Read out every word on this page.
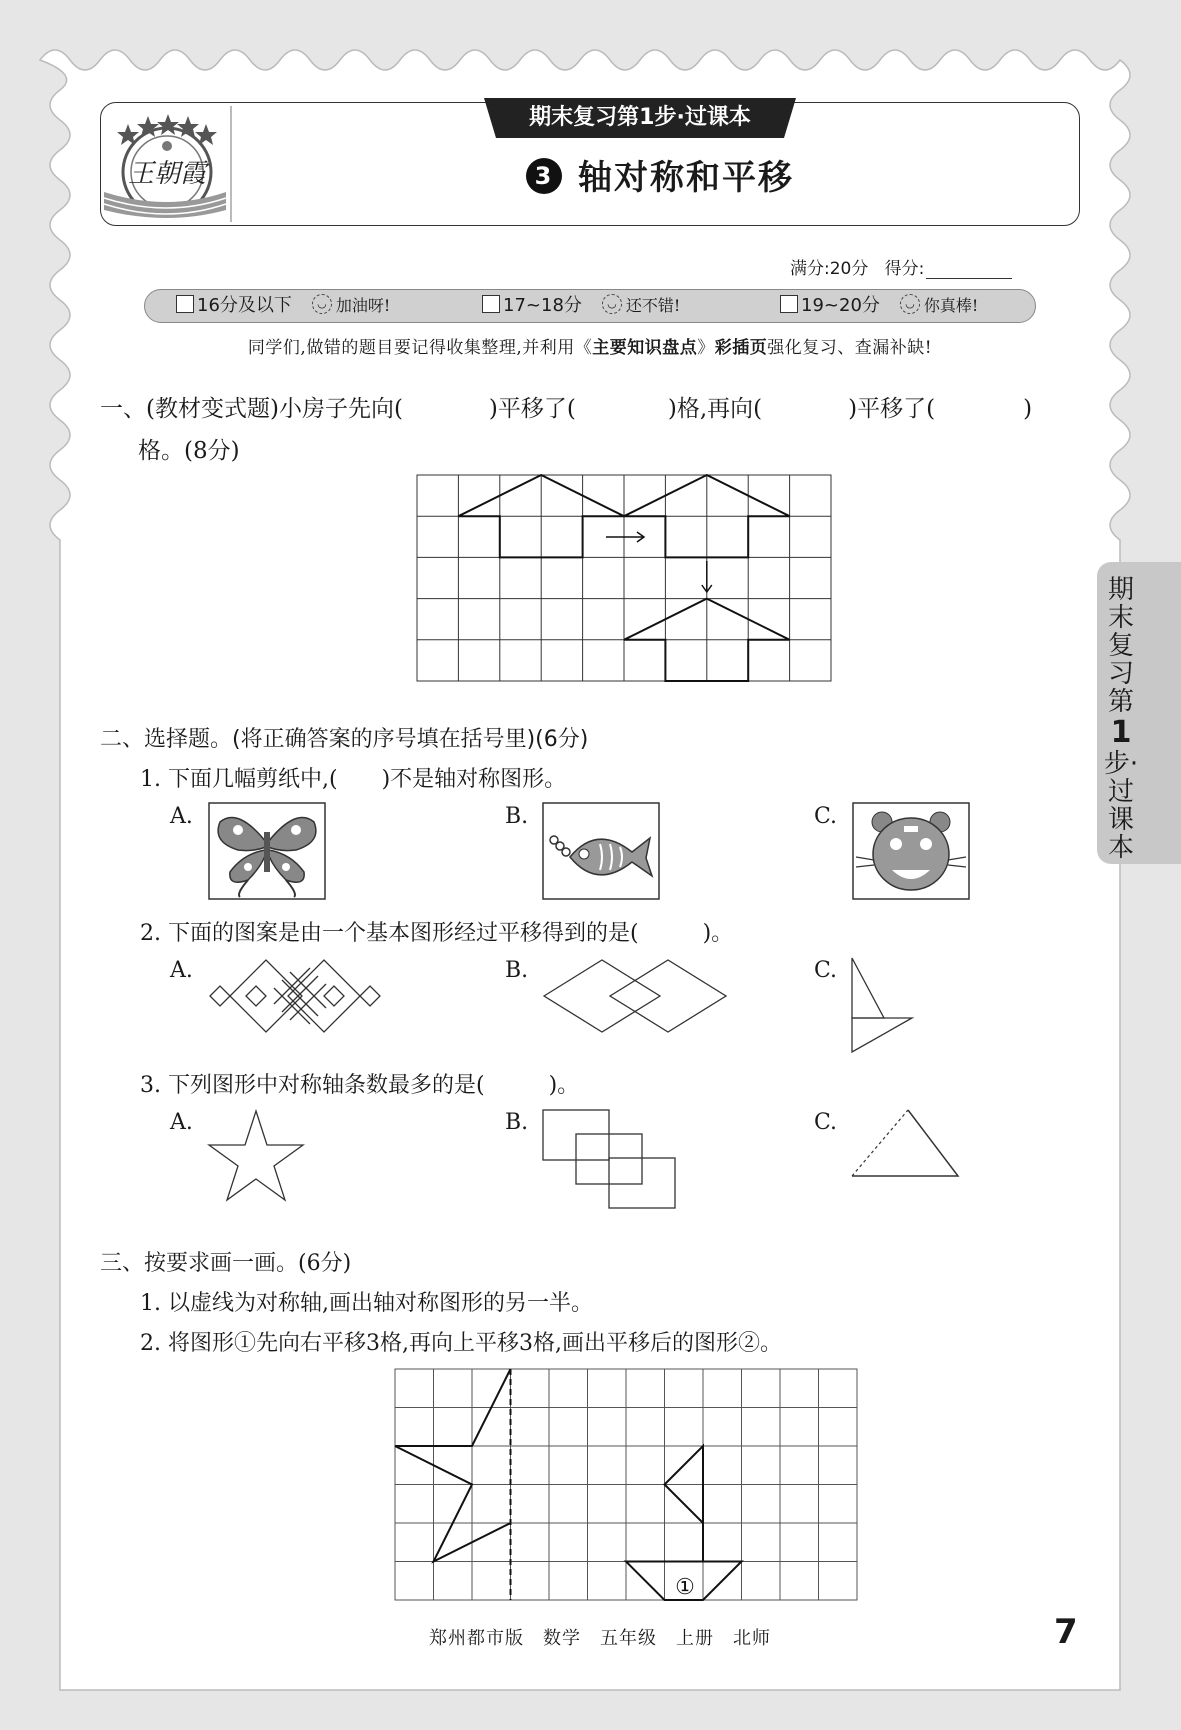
王朝霞
期末复习第1步·过课本
3 轴对称和平移
满分:20分 得分:
16分及以下 ◡ 加油呀!	17~18分 ◡ 还不错!	19~20分 ◡ 你真棒!
同学们,做错的题目要记得收集整理,并利用《主要知识盘点》彩插页强化复习、查漏补缺!
一、(教材变式题)小房子先向(	)平移了(	)格,再向(	)平移了(	)
格。(8分)
二、选择题。(将正确答案的序号填在括号里)(6分)
1. 下面几幅剪纸中,( )不是轴对称图形。
A.	B.	C.
2. 下面的图案是由一个基本图形经过平移得到的是(	)。
A.	B.	C.
3. 下列图形中对称轴条数最多的是(	)。
A.	B.	C.
三、按要求画一画。(6分)
1. 以虚线为对称轴,画出轴对称图形的另一半。
2. 将图形①先向右平移3格,再向上平移3格,画出平移后的图形②。
①
期末复习第
1
步·过课本
郑州都市版　数学　五年级　上册　北师	7
